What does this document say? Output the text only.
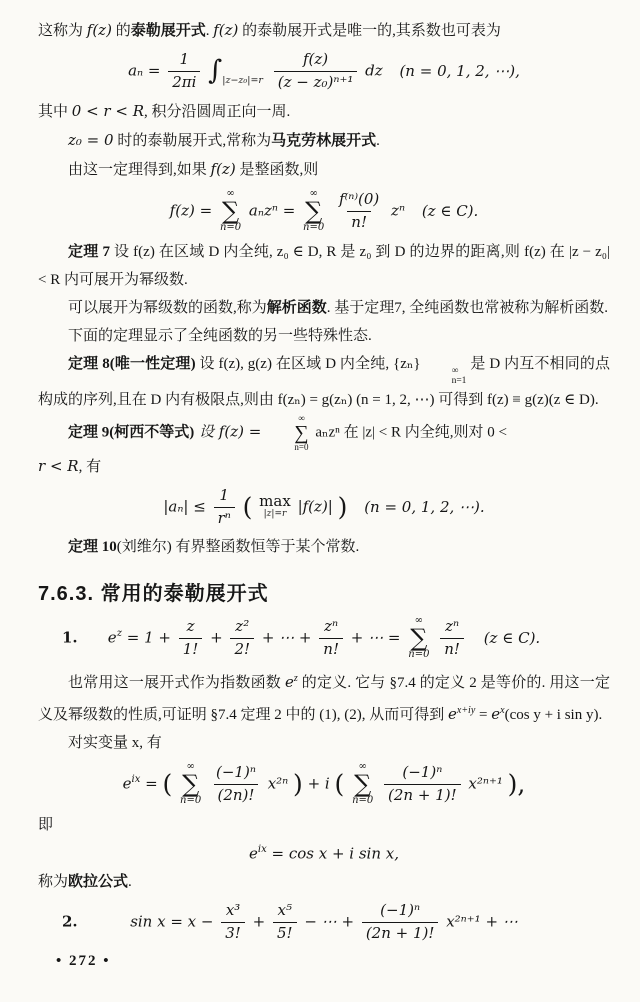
这称为 f(z) 的泰勒展开式. f(z) 的泰勒展开式是唯一的,其系数也可表为

$a_n = \frac{1}{2\pi i} \int_{|z-z_0|=r} \frac{f(z)}{\text{(z − z₀)ⁿ⁺¹}}$ dz (n = 0, 1, 2, ⋯),

其中 0 < r < R, 积分沿圆周正向一周.

z₀ = 0 时的泰勒展开式,常称为马克劳林展开式.

由这一定理得到,如果 f(z) 是整函数,则

f(z) =
∞
∑
n=0
aₙzⁿ =
∞
∑
n=0
$\frac{\text{f⁽ⁿ⁾(0)}}{n!}$ zⁿ (z ∈ C).

定理 7 设 f(z) 在区域 D 内全纯, z₀ ∈ D, R 是 z₀ 到 D 的边界的距离,则 f(z) 在 |z − z₀| < R 内可展开为幂级数.

可以展开为幂级数的函数,称为解析函数. 基于定理7, 全纯函数也常被称为解析函数.

下面的定理显示了全纯函数的另一些特殊性态.

定理 8(唯一性定理) 设 f(z), g(z) 在区域 D 内全纯, {zₙ}	∞
n=1
是 D 内互不相同的点构成的序列,且在 D 内有极限点,则由 f(zₙ) = g(zₙ) (n = 1, 2, ⋯) 可得到 f(z) ≡ g(z)(z ∈ D).

定理 9(柯西不等式) 设 f(z) =
∞
∑
n=0
aₙzⁿ 在 |z| < R 内全纯,则对 0 <

r < R, 有

$|a_n| \le \frac{1}{\text{rⁿ}}$ ( max
|z|=r |f(z)| ) (n = 0, 1, 2, ⋯).

定理 10(刘维尔) 有界整函数恒等于某个常数.

7.6.3. 常用的泰勒展开式
1. $e^z = 1 + \frac{z}{1!} + \frac{\text{z²}}{2!}$ + ⋯ + $\frac{\text{zⁿ}}{n!}$ + ⋯ =
∞
∑
n=0
$\frac{\text{zⁿ}}{n!} (z$ ∈ C).

也常用这一展开式作为指数函数 $e^z$ 的定义. 它与 §7.4 的定义 2 是等价的. 用这一定义及幂级数的性质,可证明 §7.4 定理 2 中的 (1), (2), 从而可得到 $e^{x+iy} = e^x(\cos$ y + i sin y).

对实变量 x, 有

$e^{ix}$ = (
∞
∑
n=0
$\frac{\text{(−1)ⁿ}}{(2n)!} x^{2n}$ ) + i (
∞
∑
n=0
$\frac{\text{(−1)ⁿ}}{(2n + 1)!} x^{2n+1}$ ),

即

$e^{ix} = \cos x + i$ sin x,

称为欧拉公式.

2.	$\sin x = x - \frac{\text{x³}}{3!} + \frac{\text{x⁵}}{5!}$ − ⋯ + $\frac{\text{(−1)ⁿ}}{(2n + 1)!} x^{2n+1}$ + ⋯
• 272 •
